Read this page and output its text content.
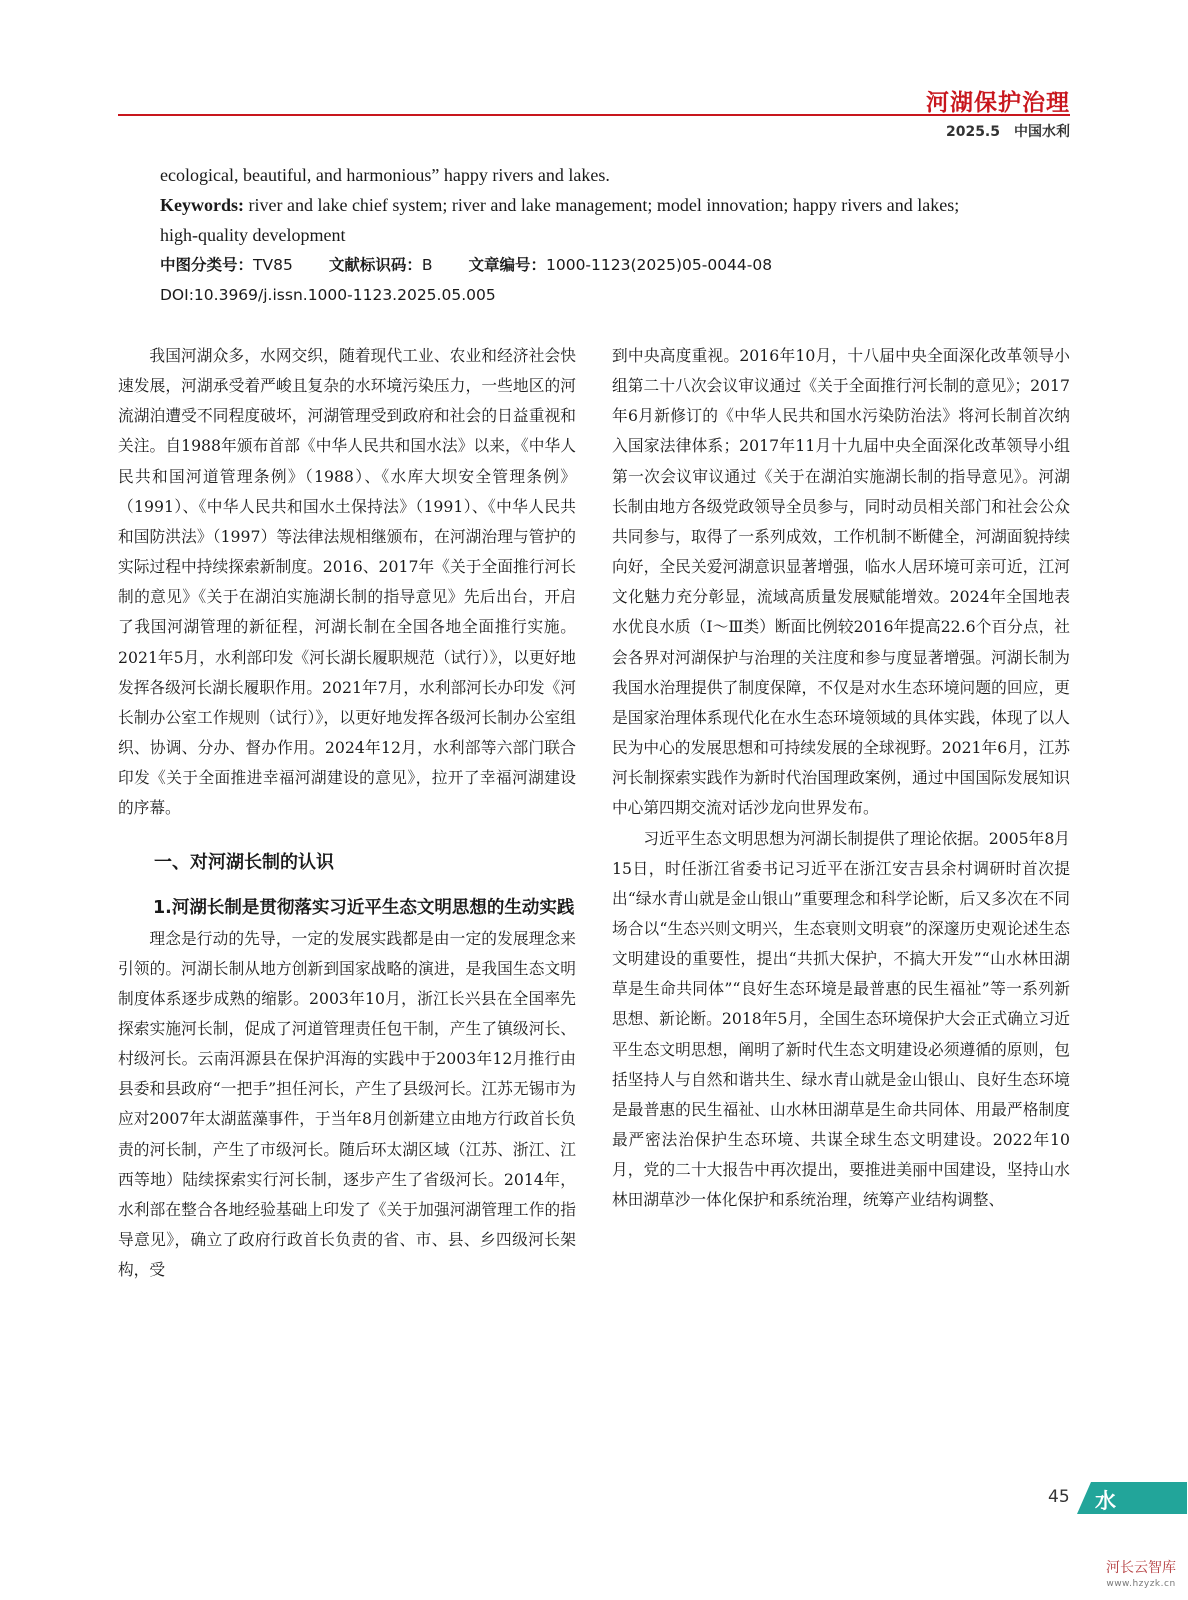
河湖保护治理
2025.5 中国水利
ecological, beautiful, and harmonious” happy rivers and lakes.
Keywords: river and lake chief system; river and lake management; model innovation; happy rivers and lakes;
high-quality development
中图分类号：TV85 文献标识码：B 文章编号：1000-1123(2025)05-0044-08
DOI:10.3969/j.issn.1000-1123.2025.05.005

我国河湖众多，水网交织，随着现代工业、农业和经济社会快速发展，河湖承受着严峻且复杂的水环境污染压力，一些地区的河流湖泊遭受不同程度破坏，河湖管理受到政府和社会的日益重视和关注。自1988年颁布首部《中华人民共和国水法》以来，《中华人民共和国河道管理条例》（1988）、《水库大坝安全管理条例》（1991）、《中华人民共和国水土保持法》（1991）、《中华人民共和国防洪法》（1997）等法律法规相继颁布，在河湖治理与管护的实际过程中持续探索新制度。2016、2017年《关于全面推行河长制的意见》《关于在湖泊实施湖长制的指导意见》先后出台，开启了我国河湖管理的新征程，河湖长制在全国各地全面推行实施。2021年5月，水利部印发《河长湖长履职规范（试行）》，以更好地发挥各级河长湖长履职作用。2021年7月，水利部河长办印发《河长制办公室工作规则（试行）》，以更好地发挥各级河长制办公室组织、协调、分办、督办作用。2024年12月，水利部等六部门联合印发《关于全面推进幸福河湖建设的意见》，拉开了幸福河湖建设的序幕。

一、对河湖长制的认识
1.河湖长制是贯彻落实习近平生态文明思想的生动实践

理念是行动的先导，一定的发展实践都是由一定的发展理念来引领的。河湖长制从地方创新到国家战略的演进，是我国生态文明制度体系逐步成熟的缩影。2003年10月，浙江长兴县在全国率先探索实施河长制，促成了河道管理责任包干制，产生了镇级河长、村级河长。云南洱源县在保护洱海的实践中于2003年12月推行由县委和县政府“一把手”担任河长，产生了县级河长。江苏无锡市为应对2007年太湖蓝藻事件，于当年8月创新建立由地方行政首长负责的河长制，产生了市级河长。随后环太湖区域（江苏、浙江、江西等地）陆续探索实行河长制，逐步产生了省级河长。2014年，水利部在整合各地经验基础上印发了《关于加强河湖管理工作的指导意见》，确立了政府行政首长负责的省、市、县、乡四级河长架构，受

到中央高度重视。2016年10月，十八届中央全面深化改革领导小组第二十八次会议审议通过《关于全面推行河长制的意见》；2017年6月新修订的《中华人民共和国水污染防治法》将河长制首次纳入国家法律体系；2017年11月十九届中央全面深化改革领导小组第一次会议审议通过《关于在湖泊实施湖长制的指导意见》。河湖长制由地方各级党政领导全员参与，同时动员相关部门和社会公众共同参与，取得了一系列成效，工作机制不断健全，河湖面貌持续向好，全民关爱河湖意识显著增强，临水人居环境可亲可近，江河文化魅力充分彰显，流域高质量发展赋能增效。2024年全国地表水优良水质（Ⅰ～Ⅲ类）断面比例较2016年提高22.6个百分点，社会各界对河湖保护与治理的关注度和参与度显著增强。河湖长制为我国水治理提供了制度保障，不仅是对水生态环境问题的回应，更是国家治理体系现代化在水生态环境领域的具体实践，体现了以人民为中心的发展思想和可持续发展的全球视野。2021年6月，江苏河长制探索实践作为新时代治国理政案例，通过中国国际发展知识中心第四期交流对话沙龙向世界发布。

习近平生态文明思想为河湖长制提供了理论依据。2005年8月15日，时任浙江省委书记习近平在浙江安吉县余村调研时首次提出“绿水青山就是金山银山”重要理念和科学论断，后又多次在不同场合以“生态兴则文明兴，生态衰则文明衰”的深邃历史观论述生态文明建设的重要性，提出“共抓大保护，不搞大开发”“山水林田湖草是生命共同体”“良好生态环境是最普惠的民生福祉”等一系列新思想、新论断。2018年5月，全国生态环境保护大会正式确立习近平生态文明思想，阐明了新时代生态文明建设必须遵循的原则，包括坚持人与自然和谐共生、绿水青山就是金山银山、良好生态环境是最普惠的民生福祉、山水林田湖草是生命共同体、用最严格制度最严密法治保护生态环境、共谋全球生态文明建设。2022年10月，党的二十大报告中再次提出，要推进美丽中国建设，坚持山水林田湖草沙一体化保护和系统治理，统筹产业结构调整、

45 水
河长云智库
www.hzyzk.cn
